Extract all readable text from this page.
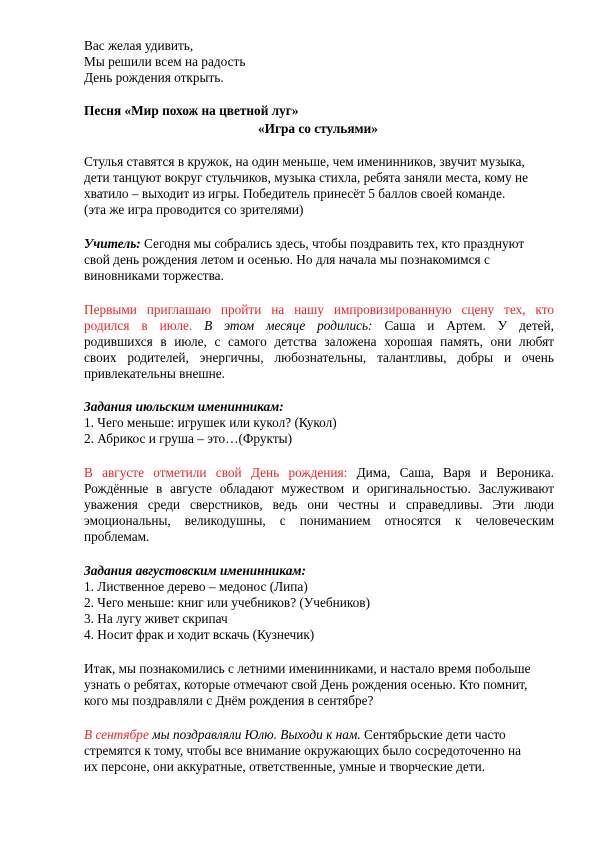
Вас желая удивить,
Мы решили всем на радость
День рождения открыть.
Песня «Мир похож на цветной луг»
«Игра со стульями»
Стулья ставятся в кружок, на один меньше, чем именинников, звучит музыка,
дети танцуют вокруг стульчиков, музыка стихла, ребята заняли места, кому не
хватило – выходит из игры. Победитель принесёт 5 баллов своей команде.
(эта же игра проводится со зрителями)
Учитель: Сегодня мы собрались здесь, чтобы поздравить тех, кто празднуют
свой день рождения летом и осенью. Но для начала мы познакомимся с
виновниками торжества.
Первыми приглашаю пройти на нашу импровизированную сцену тех, кто
родился в июле. В этом месяце родились: Саша и Артем. У детей,
родившихся в июле, с самого детства заложена хорошая память, они любят
своих родителей, энергичны, любознательны, талантливы, добры и очень
привлекательны внешне.
Задания июльским именинникам:
1. Чего меньше: игрушек или кукол? (Кукол)
2. Абрикос и груша – это…(Фрукты)
В августе отметили свой День рождения: Дима, Саша, Варя и Вероника.
Рождённые в августе обладают мужеством и оригинальностью. Заслуживают
уважения среди сверстников, ведь они честны и справедливы. Эти люди
эмоциональны, великодушны, с пониманием относятся к человеческим
проблемам.
Задания августовским именинникам:
1. Лиственное дерево – медонос (Липа)
2. Чего меньше: книг или учебников? (Учебников)
3. На лугу живет скрипач
4. Носит фрак и ходит вскачь (Кузнечик)
Итак, мы познакомились с летними именинниками, и настало время побольше
узнать о ребятах, которые отмечают свой День рождения осенью. Кто помнит,
кого мы поздравляли с Днём рождения в сентябре?
В сентябре мы поздравляли Юлю. Выходи к нам. Сентябрьские дети часто
стремятся к тому, чтобы все внимание окружающих было сосредоточенно на
их персоне, они аккуратные, ответственные, умные и творческие дети.
